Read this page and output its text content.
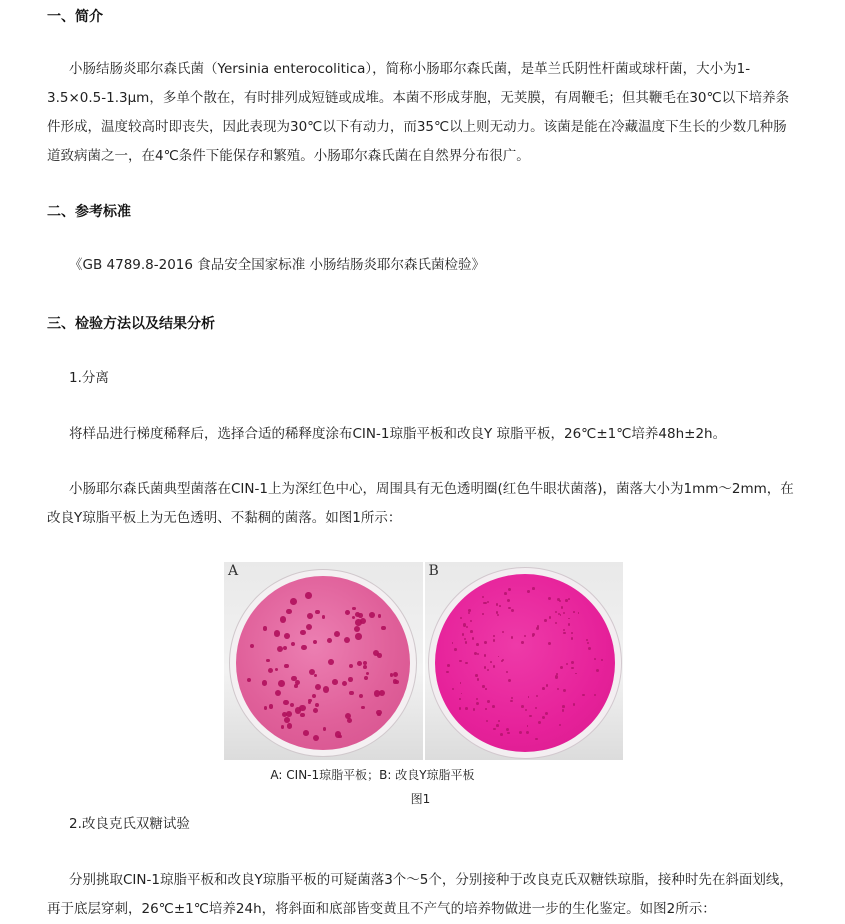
一、简介
小肠结肠炎耶尔森氏菌（Yersinia enterocolitica），简称小肠耶尔森氏菌，是革兰氏阴性杆菌或球杆菌，大小为1-3.5×0.5-1.3μm，多单个散在，有时排列成短链或成堆。本菌不形成芽胞，无荚膜，有周鞭毛；但其鞭毛在30℃以下培养条件形成，温度较高时即丧失，因此表现为30℃以下有动力，而35℃以上则无动力。该菌是能在冷藏温度下生长的少数几种肠道致病菌之一，在4℃条件下能保存和繁殖。小肠耶尔森氏菌在自然界分布很广。
二、参考标准
《GB 4789.8-2016 食品安全国家标准 小肠结肠炎耶尔森氏菌检验》
三、检验方法以及结果分析
1.分离
将样品进行梯度稀释后，选择合适的稀释度涂布CIN-1琼脂平板和改良Y 琼脂平板，26℃±1℃培养48h±2h。
小肠耶尔森氏菌典型菌落在CIN-1上为深红色中心，周围具有无色透明圈(红色牛眼状菌落)，菌落大小为1mm～2mm，在改良Y琼脂平板上为无色透明、不黏稠的菌落。如图1所示：
A	B
A: CIN-1琼脂平板；B: 改良Y琼脂平板
图1
2.改良克氏双糖试验
分别挑取CIN-1琼脂平板和改良Y琼脂平板的可疑菌落3个～5个，分别接种于改良克氏双糖铁琼脂，接种时先在斜面划线，再于底层穿刺，26℃±1℃培养24h，将斜面和底部皆变黄且不产气的培养物做进一步的生化鉴定。如图2所示：
